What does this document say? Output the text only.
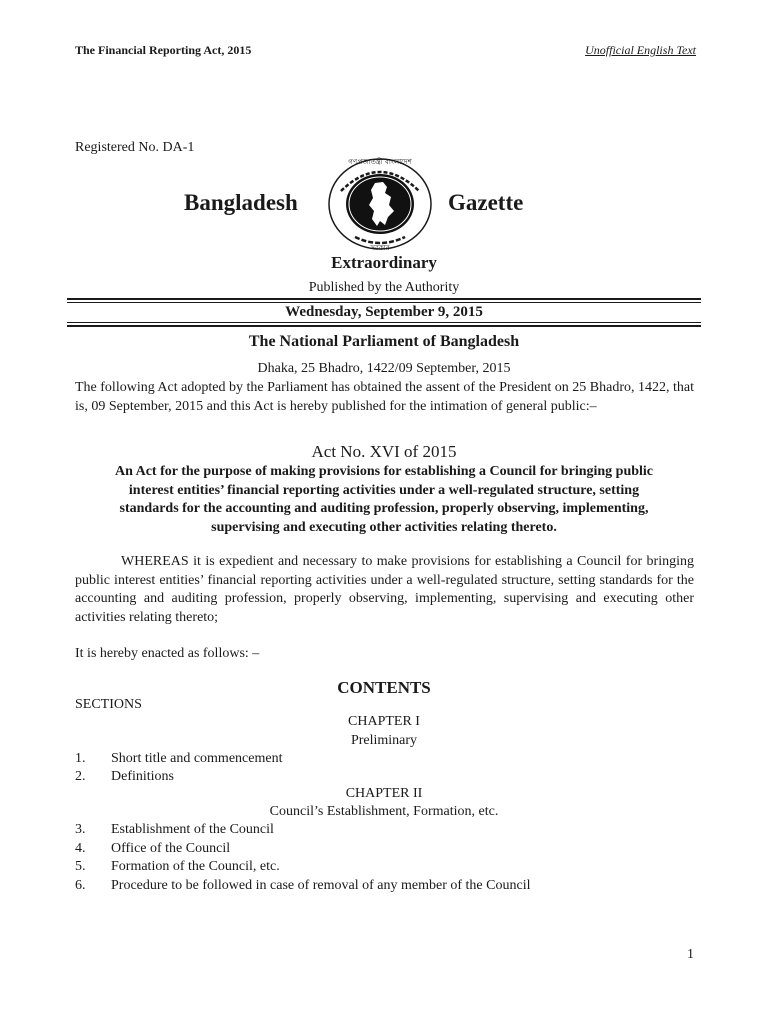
The Financial Reporting Act, 2015	Unofficial English Text
Registered No. DA-1
Bangladesh
গণপ্রজাতন্ত্রী বাংলাদেশ
সরকার
Gazette
Extraordinary
Published by the Authority
Wednesday, September 9, 2015
The National Parliament of Bangladesh
Dhaka, 25 Bhadro, 1422/09 September, 2015
The following Act adopted by the Parliament has obtained the assent of the President on 25 Bhadro, 1422, that is, 09 September, 2015 and this Act is hereby published for the intimation of general public:–
Act No. XVI of 2015
An Act for the purpose of making provisions for establishing a Council for bringing public interest entities’ financial reporting activities under a well-regulated structure, setting standards for the accounting and auditing profession, properly observing, implementing, supervising and executing other activities relating thereto.
WHEREAS it is expedient and necessary to make provisions for establishing a Council for bringing public interest entities’ financial reporting activities under a well-regulated structure, setting standards for the accounting and auditing profession, properly observing, implementing, supervising and executing other activities relating thereto;
It is hereby enacted as follows: –
CONTENTS
SECTIONS
CHAPTER I
Preliminary
1. Short title and commencement
2. Definitions
CHAPTER II
Council’s Establishment, Formation, etc.
3. Establishment of the Council
4. Office of the Council
5. Formation of the Council, etc.
6. Procedure to be followed in case of removal of any member of the Council
1
